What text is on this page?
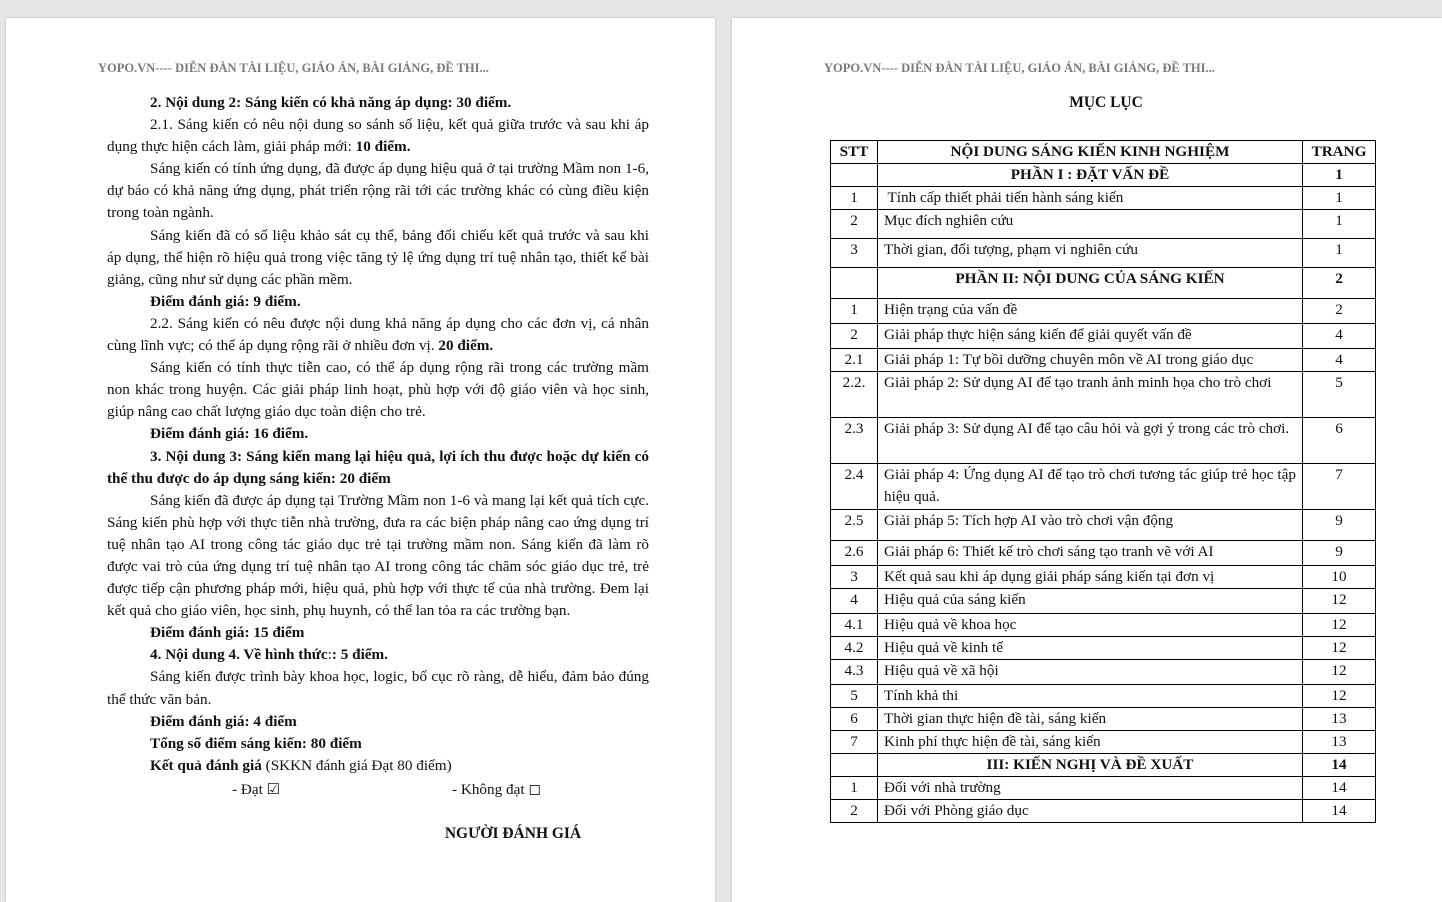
YOPO.VN---- DIỄN ĐÀN TÀI LIỆU, GIÁO ÁN, BÀI GIẢNG, ĐỀ THI...

2. Nội dung 2: Sáng kiến có khả năng áp dụng: 30 điểm.

2.1. Sáng kiến có nêu nội dung so sánh số liệu, kết quả giữa trước và sau khi áp dụng thực hiện cách làm, giải pháp mới: 10 điểm.

Sáng kiến có tính ứng dụng, đã được áp dụng hiệu quả ở tại trường Mầm non 1-6, dự báo có khả năng ứng dụng, phát triển rộng rãi tới các trường khác có cùng điều kiện trong toàn ngành.

Sáng kiến đã có số liệu khảo sát cụ thể, bảng đối chiếu kết quả trước và sau khi áp dụng, thể hiện rõ hiệu quả trong việc tăng tỷ lệ ứng dụng trí tuệ nhân tạo, thiết kế bài giảng, cũng như sử dụng các phần mềm.

Điểm đánh giá: 9 điểm.

2.2. Sáng kiến có nêu được nội dung khả năng áp dụng cho các đơn vị, cá nhân cùng lĩnh vực; có thể áp dụng rộng rãi ở nhiều đơn vị. 20 điểm.

Sáng kiến có tính thực tiễn cao, có thể áp dụng rộng rãi trong các trường mầm non khác trong huyện. Các giải pháp linh hoạt, phù hợp với độ giáo viên và học sinh, giúp nâng cao chất lượng giáo dục toàn diện cho trẻ.

Điểm đánh giá: 16 điểm.

3. Nội dung 3: Sáng kiến mang lại hiệu quả, lợi ích thu được hoặc dự kiến có thể thu được do áp dụng sáng kiến: 20 điểm

Sáng kiến đã được áp dụng tại Trường Mầm non 1-6 và mang lại kết quả tích cực. Sáng kiến phù hợp với thực tiễn nhà trường, đưa ra các biện pháp nâng cao ứng dụng trí tuệ nhân tạo AI trong công tác giáo dục trẻ tại trường mầm non. Sáng kiến đã làm rõ được vai trò của ứng dụng trí tuệ nhân tạo AI trong công tác chăm sóc giáo dục trẻ, trẻ được tiếp cận phương pháp mới, hiệu quả, phù hợp với thực tế của nhà trường. Đem lại kết quả cho giáo viên, học sinh, phụ huynh, có thể lan tỏa ra các trường bạn.

Điểm đánh giá: 15 điểm

4. Nội dung 4. Về hình thức:: 5 điểm.

Sáng kiến được trình bày khoa học, logic, bố cục rõ ràng, dễ hiểu, đảm bảo đúng thể thức văn bản.

Điểm đánh giá: 4 điểm

Tổng số điểm sáng kiến: 80 điểm

Kết quả đánh giá (SKKN đánh giá Đạt 80 điểm)

- Đạt ☑	- Không đạt ◻
NGƯỜI ĐÁNH GIÁ
YOPO.VN---- DIỄN ĐÀN TÀI LIỆU, GIÁO ÁN, BÀI GIẢNG, ĐỀ THI...
MỤC LỤC
STT	NỘI DUNG SÁNG KIẾN KINH NGHIỆM	TRANG
	PHẦN I : ĐẶT VẤN ĐỀ	1
1	Tính cấp thiết phải tiến hành sáng kiến	1
2	Mục đích nghiên cứu	1
3	Thời gian, đối tượng, phạm vi nghiên cứu	1
	PHẦN II: NỘI DUNG CỦA SÁNG KIẾN	2
1	Hiện trạng của vấn đề	2
2	Giải pháp thực hiện sáng kiến để giải quyết vấn đề	4
2.1	Giải pháp 1: Tự bồi dưỡng chuyên môn về AI trong giáo dục	4
2.2.	Giải pháp 2: Sử dụng AI để tạo tranh ảnh minh họa cho trò chơi	5
2.3	Giải pháp 3: Sử dụng AI để tạo câu hỏi và gợi ý trong các trò chơi.	6
2.4	Giải pháp 4: Ứng dụng AI để tạo trò chơi tương tác giúp trẻ học tập hiệu quả.	7
2.5	Giải pháp 5: Tích hợp AI vào trò chơi vận động	9
2.6	Giải pháp 6: Thiết kế trò chơi sáng tạo tranh vẽ với AI	9
3	Kết quả sau khi áp dụng giải pháp sáng kiến tại đơn vị	10
4	Hiệu quả của sáng kiến	12
4.1	Hiệu quả về khoa học	12
4.2	Hiệu quả về kinh tế	12
4.3	Hiệu quả về xã hội	12
5	Tính khả thi	12
6	Thời gian thực hiện đề tài, sáng kiến	13
7	Kinh phí thực hiện đề tài, sáng kiến	13
	III: KIẾN NGHỊ VÀ ĐỀ XUẤT	14
1	Đối với nhà trường	14
2	Đối với Phòng giáo dục	14
